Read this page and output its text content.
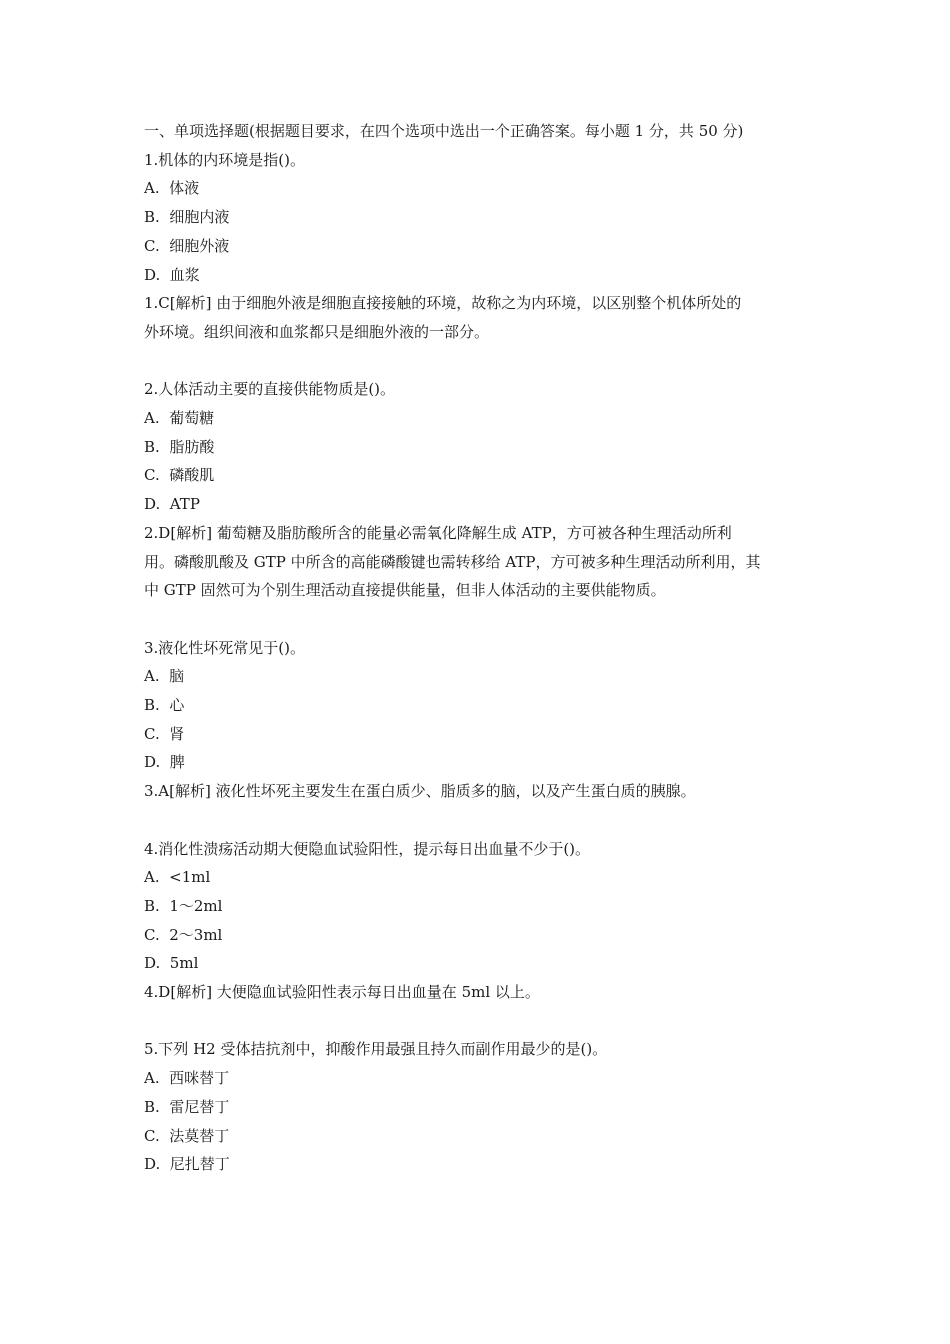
一、单项选择题(根据题目要求，在四个选项中选出一个正确答案。每小题 1 分，共 50 分)

1.机体的内环境是指()。

A.  体液

B.  细胞内液

C.  细胞外液

D.  血浆

1.C[解析] 由于细胞外液是细胞直接接触的环境，故称之为内环境，以区别整个机体所处的

外环境。组织间液和血浆都只是细胞外液的一部分。

2.人体活动主要的直接供能物质是()。

A.  葡萄糖

B.  脂肪酸

C.  磷酸肌

D.  ATP

2.D[解析] 葡萄糖及脂肪酸所含的能量必需氧化降解生成 ATP，方可被各种生理活动所利

用。磷酸肌酸及 GTP 中所含的高能磷酸键也需转移给 ATP，方可被多种生理活动所利用，其

中 GTP 固然可为个别生理活动直接提供能量，但非人体活动的主要供能物质。

3.液化性坏死常见于()。

A.  脑

B.  心

C.  肾

D.  脾

3.A[解析] 液化性坏死主要发生在蛋白质少、脂质多的脑，以及产生蛋白质的胰腺。

4.消化性溃疡活动期大便隐血试验阳性，提示每日出血量不少于()。

A.  <1ml

B.  1～2ml

C.  2～3ml

D.  5ml

4.D[解析] 大便隐血试验阳性表示每日出血量在 5ml 以上。

5.下列 H2 受体拮抗剂中，抑酸作用最强且持久而副作用最少的是()。

A.  西咪替丁

B.  雷尼替丁

C.  法莫替丁

D.  尼扎替丁
